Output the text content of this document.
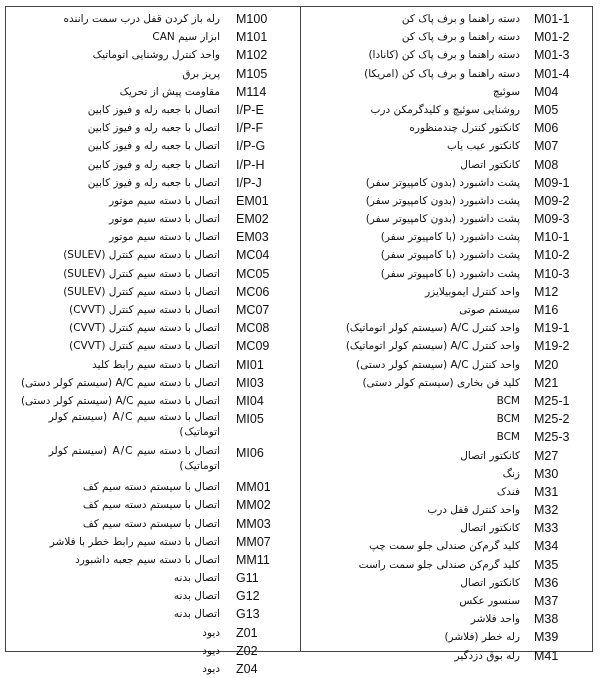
M01-1
دسته راهنما و برف پاک کن
M01-2
دسته راهنما و برف پاک کن
M01-3
دسته راهنما و برف پاک کن (کانادا)
M01-4
دسته راهنما و برف پاک کن (امریکا)
M04
سوئیچ
M05
روشنایی سوئیچ و کلیدگرمکن درب
M06
کانکتور کنترل چندمنظوره
M07
کانکتور عیب یاب
M08
کانکتور اتصال
M09-1
پشت داشبورد (بدون کامپیوتر سفر)
M09-2
پشت داشبورد (بدون کامپیوتر سفر)
M09-3
پشت داشبورد (بدون کامپیوتر سفر)
M10-1
پشت داشبورد (با کامپیوتر سفر)
M10-2
پشت داشبورد (با کامپیوتر سفر)
M10-3
پشت داشبورد (با کامپیوتر سفر)
M12
واحد کنترل ایموبیلایزر
M16
سیستم صوتی
M19-1
واحد کنترل A/C (سیستم کولر اتوماتیک)
M19-2
واحد کنترل A/C (سیستم کولر اتوماتیک)
M20
واحد کنترل A/C (سیستم کولر دستی)
M21
کلید فن بخاری (سیستم کولر دستی)
M25-1
BCM
M25-2
BCM
M25-3
BCM
M27
کانکتور اتصال
M30
زنگ
M31
فندک
M32
واحد کنترل قفل درب
M33
کانکتور اتصال
M34
کلید گرم‌کن صندلی جلو سمت چپ
M35
کلید گرم‌کن صندلی جلو سمت راست
M36
کانکتور اتصال
M37
سنسور عکس
M38
واحد فلاشر
M39
رله خطر (فلاشر)
M41
رله بوق دزدگیر
M100
رله باز کردن قفل درب سمت راننده
M101
ابزار سیم CAN
M102
واحد کنترل روشنایی اتوماتیک
M105
پریز برق
M114
مقاومت پیش از تحریک
I/P-E
اتصال با جعبه رله و فیوز کابین
I/P-F
اتصال با جعبه رله و فیوز کابین
I/P-G
اتصال با جعبه رله و فیوز کابین
I/P-H
اتصال با جعبه رله و فیوز کابین
I/P-J
اتصال با جعبه رله و فیوز کابین
EM01
اتصال با دسته سیم موتور
EM02
اتصال با دسته سیم موتور
EM03
اتصال با دسته سیم موتور
MC04
اتصال با دسته سیم کنترل (SULEV)
MC05
اتصال با دسته سیم کنترل (SULEV)
MC06
اتصال با دسته سیم کنترل (SULEV)
MC07
اتصال با دسته سیم کنترل (CVVT)
MC08
اتصال با دسته سیم کنترل (CVVT)
MC09
اتصال با دسته سیم کنترل (CVVT)
MI01
اتصال با دسته سیم رابط کلید
MI03
اتصال با دسته سیم A/C (سیستم کولر دستی)
MI04
اتصال با دسته سیم A/C (سیستم کولر دستی)
MI05
اتصال با دسته سیم A/C (سیستم کولر اتوماتیک)
MI06
اتصال با دسته سیم A/C (سیستم کولر اتوماتیک)
MM01
اتصال با سیستم دسته سیم کف
MM02
اتصال با سیستم دسته سیم کف
MM03
اتصال با سیستم دسته سیم کف
MM07
اتصال با دسته سیم رابط خطر با فلاشر
MM11
اتصال با دسته سیم جعبه داشبورد
G11
اتصال بدنه
G12
اتصال بدنه
G13
اتصال بدنه
Z01
دیود
Z02
دیود
Z04
دیود
